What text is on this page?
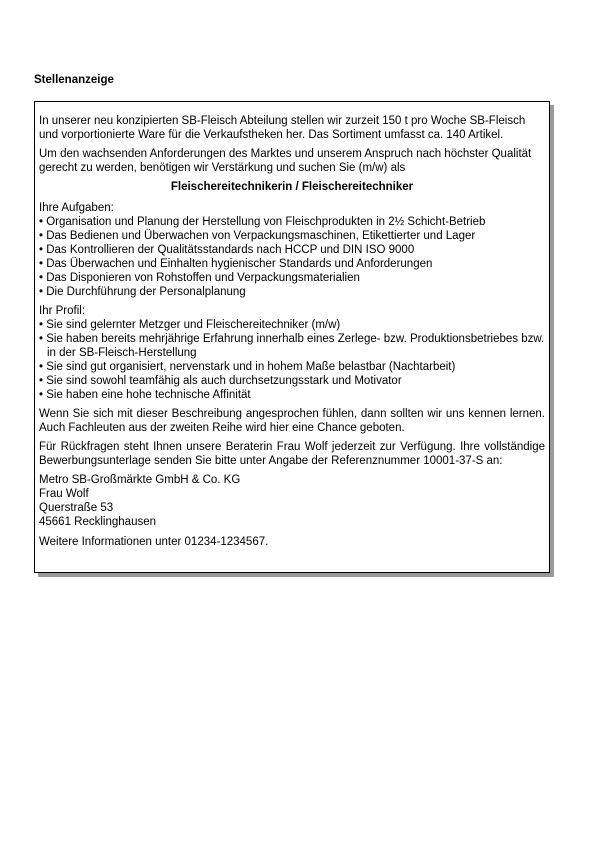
Stellenanzeige

In unserer neu konzipierten SB-Fleisch Abteilung stellen wir zurzeit 150 t pro Woche SB-Fleisch und vorportionierte Ware für die Verkaufstheken her. Das Sortiment umfasst ca. 140 Artikel.

Um den wachsenden Anforderungen des Marktes und unserem Anspruch nach höchster Qualität gerecht zu werden, benötigen wir Verstärkung und suchen Sie (m/w) als

Fleischereitechnikerin / Fleischereitechniker

Ihre Aufgaben:

• Organisation und Planung der Herstellung von Fleischprodukten in 2½ Schicht-Betrieb
• Das Bedienen und Überwachen von Verpackungsmaschinen, Etikettierter und Lager
• Das Kontrollieren der Qualitätsstandards nach HCCP und DIN ISO 9000
• Das Überwachen und Einhalten hygienischer Standards und Anforderungen
• Das Disponieren von Rohstoffen und Verpackungsmaterialien
• Die Durchführung der Personalplanung

Ihr Profil:

• Sie sind gelernter Metzger und Fleischereitechniker (m/w)
• Sie haben bereits mehrjährige Erfahrung innerhalb eines Zerlege- bzw. Produktionsbetriebes bzw. in der SB-Fleisch-Herstellung
• Sie sind gut organisiert, nervenstark und in hohem Maße belastbar (Nachtarbeit)
• Sie sind sowohl teamfähig als auch durchsetzungsstark und Motivator
• Sie haben eine hohe technische Affinität

Wenn Sie sich mit dieser Beschreibung angesprochen fühlen, dann sollten wir uns kennen lernen. Auch Fachleuten aus der zweiten Reihe wird hier eine Chance geboten.

Für Rückfragen steht Ihnen unsere Beraterin Frau Wolf jederzeit zur Verfügung. Ihre vollständige Bewerbungsunterlage senden Sie bitte unter Angabe der Referenznummer 10001-37-S an:

Metro SB-Großmärkte GmbH & Co. KG
Frau Wolf
Querstraße 53
45661 Recklinghausen

Weitere Informationen unter 01234-1234567.
